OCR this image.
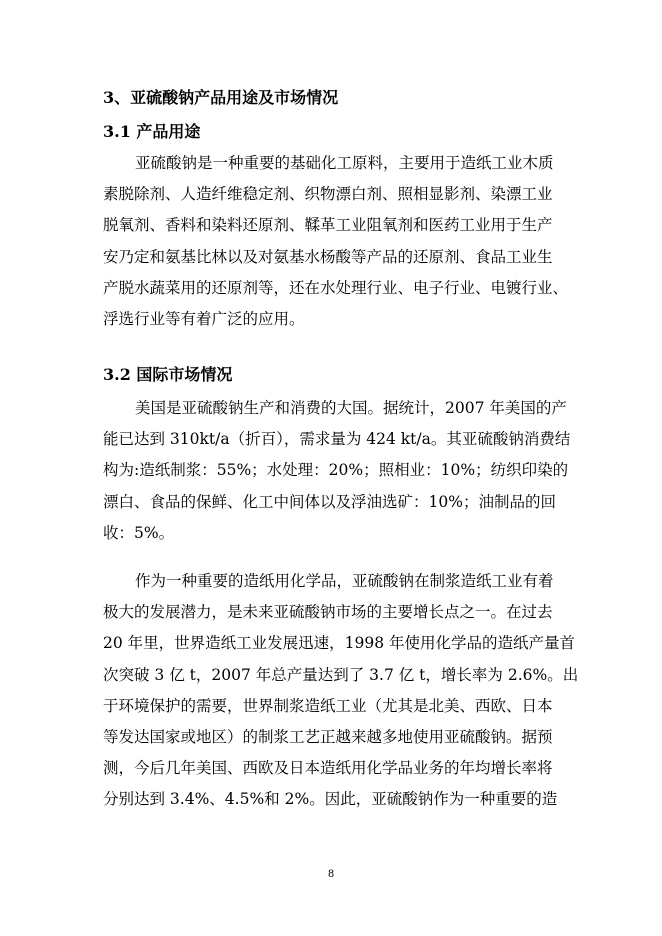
3、亚硫酸钠产品用途及市场情况
3.1 产品用途
亚硫酸钠是一种重要的基础化工原料，主要用于造纸工业木质
素脱除剂、人造纤维稳定剂、织物漂白剂、照相显影剂、染漂工业
脱氧剂、香料和染料还原剂、鞣革工业阻氧剂和医药工业用于生产
安乃定和氨基比林以及对氨基水杨酸等产品的还原剂、食品工业生
产脱水蔬菜用的还原剂等，还在水处理行业、电子行业、电镀行业、
浮选行业等有着广泛的应用。
3.2 国际市场情况
美国是亚硫酸钠生产和消费的大国。据统计，2007 年美国的产
能已达到 310kt/a（折百），需求量为 424 kt/a。其亚硫酸钠消费结
构为:造纸制浆：55%；水处理：20%；照相业：10%；纺织印染的
漂白、食品的保鲜、化工中间体以及浮油选矿：10%；油制品的回
收：5%。
作为一种重要的造纸用化学品，亚硫酸钠在制浆造纸工业有着
极大的发展潜力，是未来亚硫酸钠市场的主要增长点之一。在过去
20 年里，世界造纸工业发展迅速，1998 年使用化学品的造纸产量首
次突破 3 亿 t，2007 年总产量达到了 3.7 亿 t，增长率为 2.6%。出
于环境保护的需要，世界制浆造纸工业（尤其是北美、西欧、日本
等发达国家或地区）的制浆工艺正越来越多地使用亚硫酸钠。据预
测，今后几年美国、西欧及日本造纸用化学品业务的年均增长率将
分别达到 3.4%、4.5%和 2%。因此，亚硫酸钠作为一种重要的造
8
